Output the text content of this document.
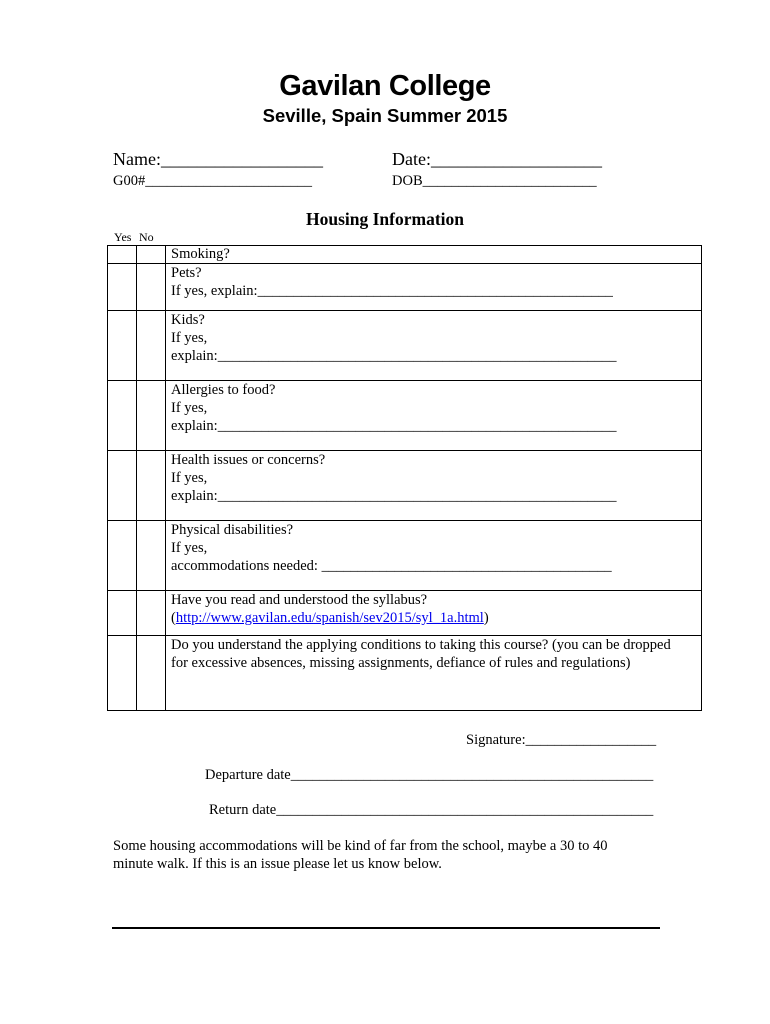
Gavilan College
Seville, Spain Summer 2015
Name:__________________	Date:___________________
G00#_______________________	DOB________________________
Housing Information
Yes No
Smoking?
Pets?
If yes, explain:_________________________________________________
Kids?
If yes,
explain:_______________________________________________________
Allergies to food?
If yes,
explain:_______________________________________________________
Health issues or concerns?
If yes,
explain:_______________________________________________________
Physical disabilities?
If yes,
accommodations needed: ________________________________________
Have you read and understood the syllabus?
(http://www.gavilan.edu/spanish/sev2015/syl_1a.html)
Do you understand the applying conditions to taking this course? (you can be dropped
for excessive absences, missing assignments, defiance of rules and regulations)
Signature:__________________
Departure date__________________________________________________
Return date____________________________________________________
Some housing accommodations will be kind of far from the school, maybe a 30 to 40
minute walk. If this is an issue please let us know below.
